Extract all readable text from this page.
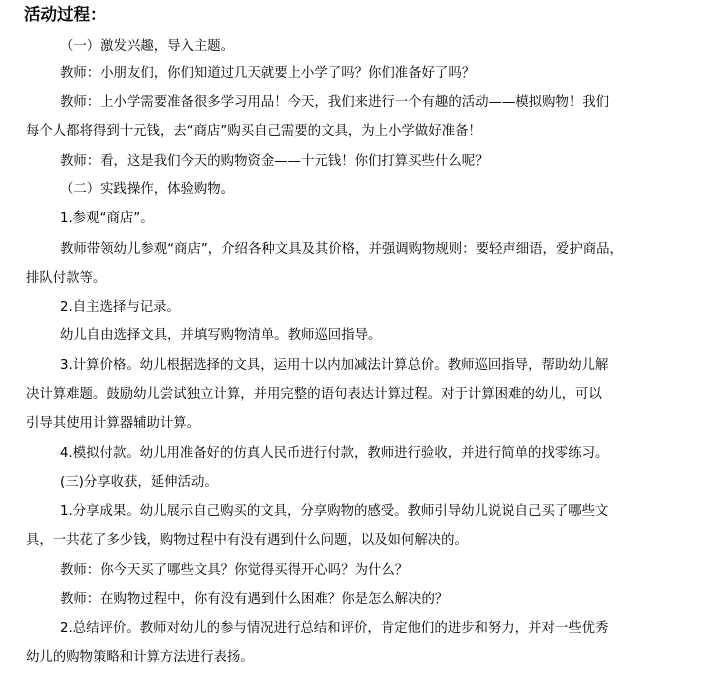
活动过程：
（一）激发兴趣，导入主题。
教师：小朋友们，你们知道过几天就要上小学了吗？你们准备好了吗？
教师：上小学需要准备很多学习用品！今天，我们来进行一个有趣的活动——模拟购物！我们
每个人都将得到十元钱，去“商店”购买自己需要的文具，为上小学做好准备！
教师：看，这是我们今天的购物资金——十元钱！你们打算买些什么呢？
（二）实践操作，体验购物。
1.参观“商店”。
教师带领幼儿参观“商店”，介绍各种文具及其价格，并强调购物规则：要轻声细语，爱护商品，
排队付款等。
2.自主选择与记录。
幼儿自由选择文具，并填写购物清单。教师巡回指导。
3.计算价格。幼儿根据选择的文具，运用十以内加减法计算总价。教师巡回指导，帮助幼儿解
决计算难题。鼓励幼儿尝试独立计算，并用完整的语句表达计算过程。对于计算困难的幼儿，可以
引导其使用计算器辅助计算。
4.模拟付款。幼儿用准备好的仿真人民币进行付款，教师进行验收，并进行简单的找零练习。
(三)分享收获，延伸活动。
1.分享成果。幼儿展示自己购买的文具，分享购物的感受。教师引导幼儿说说自己买了哪些文
具，一共花了多少钱，购物过程中有没有遇到什么问题，以及如何解决的。
教师：你今天买了哪些文具？你觉得买得开心吗？为什么？
教师：在购物过程中，你有没有遇到什么困难？你是怎么解决的？
2.总结评价。教师对幼儿的参与情况进行总结和评价，肯定他们的进步和努力，并对一些优秀
幼儿的购物策略和计算方法进行表扬。
